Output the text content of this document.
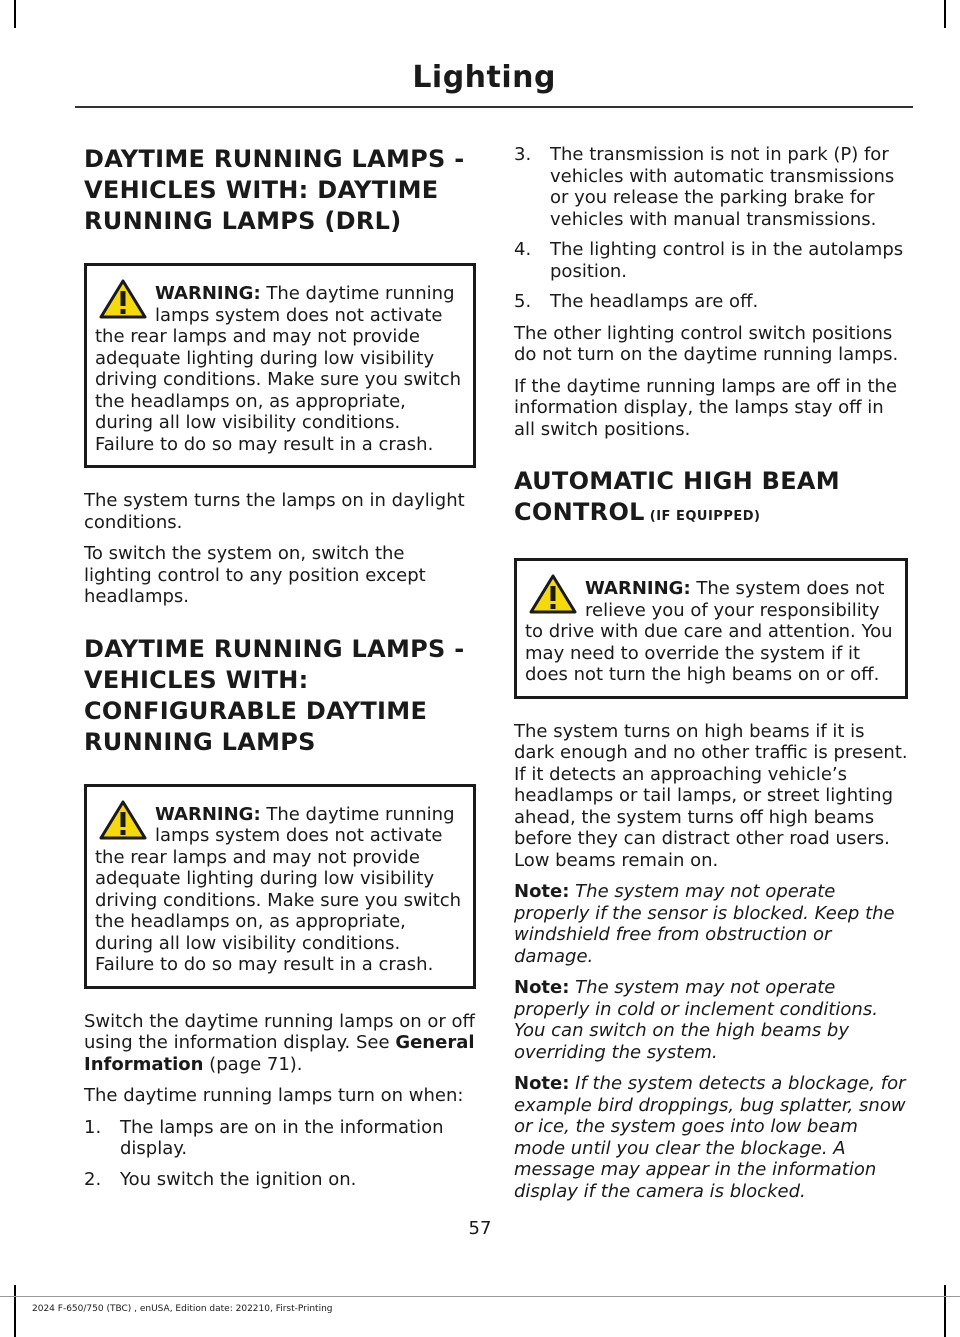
Lighting
DAYTIME RUNNING LAMPS - VEHICLES WITH: DAYTIME RUNNING LAMPS (DRL)
WARNING: The daytime running lamps system does not activate the rear lamps and may not provide adequate lighting during low visibility driving conditions. Make sure you switch the headlamps on, as appropriate, during all low visibility conditions. Failure to do so may result in a crash.

The system turns the lamps on in daylight conditions.

To switch the system on, switch the lighting control to any position except headlamps.

DAYTIME RUNNING LAMPS - VEHICLES WITH: CONFIGURABLE DAYTIME RUNNING LAMPS
WARNING: The daytime running lamps system does not activate the rear lamps and may not provide adequate lighting during low visibility driving conditions. Make sure you switch the headlamps on, as appropriate, during all low visibility conditions. Failure to do so may result in a crash.

Switch the daytime running lamps on or off using the information display. See General Information (page 71).

The daytime running lamps turn on when:

1. The lamps are on in the information display.
2. You switch the ignition on.
3. The transmission is not in park (P) for vehicles with automatic transmissions or you release the parking brake for vehicles with manual transmissions.
4. The lighting control is in the autolamps position.
5. The headlamps are off.

The other lighting control switch positions do not turn on the daytime running lamps.

If the daytime running lamps are off in the information display, the lamps stay off in all switch positions.

AUTOMATIC HIGH BEAM CONTROL (IF EQUIPPED)
WARNING: The system does not relieve you of your responsibility to drive with due care and attention. You may need to override the system if it does not turn the high beams on or off.

The system turns on high beams if it is dark enough and no other traffic is present. If it detects an approaching vehicle’s headlamps or tail lamps, or street lighting ahead, the system turns off high beams before they can distract other road users. Low beams remain on.

Note: The system may not operate properly if the sensor is blocked. Keep the windshield free from obstruction or damage.

Note: The system may not operate properly in cold or inclement conditions. You can switch on the high beams by overriding the system.

Note: If the system detects a blockage, for example bird droppings, bug splatter, snow or ice, the system goes into low beam mode until you clear the blockage. A message may appear in the information display if the camera is blocked.

57
2024 F-650/750 (TBC) , enUSA, Edition date: 202210, First-Printing
